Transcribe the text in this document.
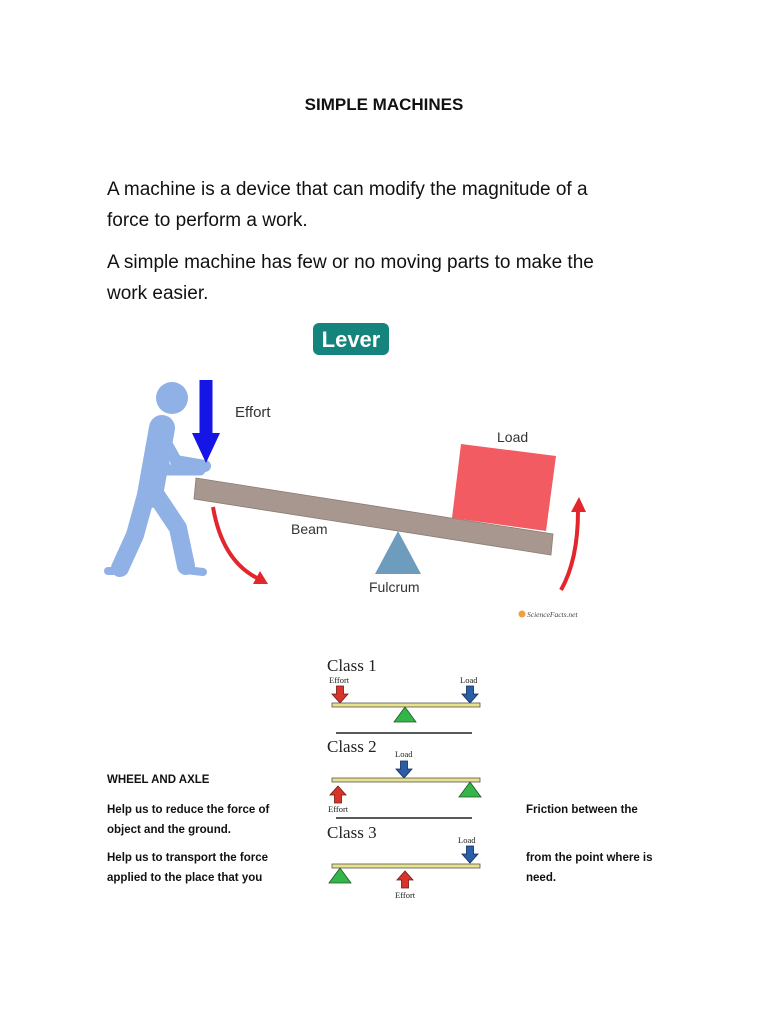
SIMPLE MACHINES
A machine is a device that can modify the magnitude of a
force to perform a work.
A simple machine has few or no moving parts to make the
work easier.
Lever
Effort
Load
Beam
Fulcrum
ScienceFacts.net
Class 1
Effort	Load
Class 2 Load
Effort
Class 3	Load
Effort
WHEEL AND AXLE
Help us to reduce the force of
object and the ground.
Friction between the
Help us to transport the force
applied to the place that you
from the point where is
need.
